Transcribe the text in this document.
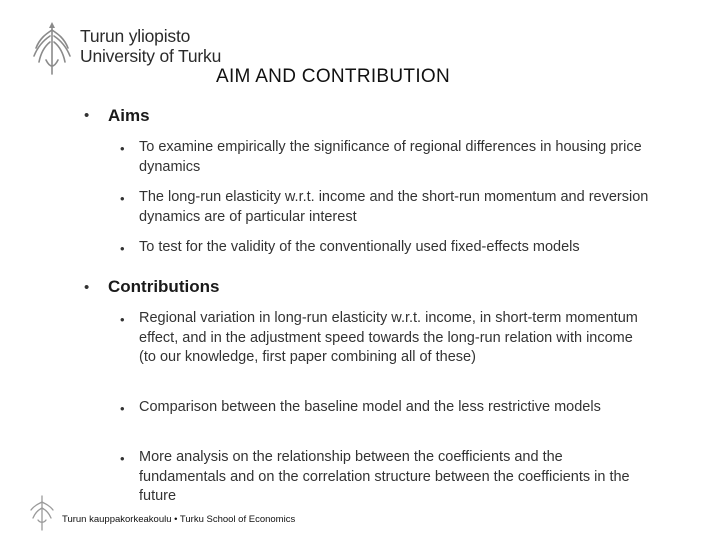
Turun yliopisto
University of Turku
AIM AND CONTRIBUTION
• Aims
• To examine empirically the significance of regional differences in housing price dynamics
• The long-run elasticity w.r.t. income and the short-run momentum and reversion dynamics are of particular interest
• To test for the validity of the conventionally used fixed-effects models
• Contributions
• Regional variation in long-run elasticity w.r.t. income, in short-term momentum effect, and in the adjustment speed towards the long-run relation with income (to our knowledge, first paper combining all of these)
• Comparison between the baseline model and the less restrictive models
• More analysis on the relationship between the coefficients and the fundamentals and on the correlation structure between the coefficients in the future
Turun kauppakorkeakoulu • Turku School of Economics
